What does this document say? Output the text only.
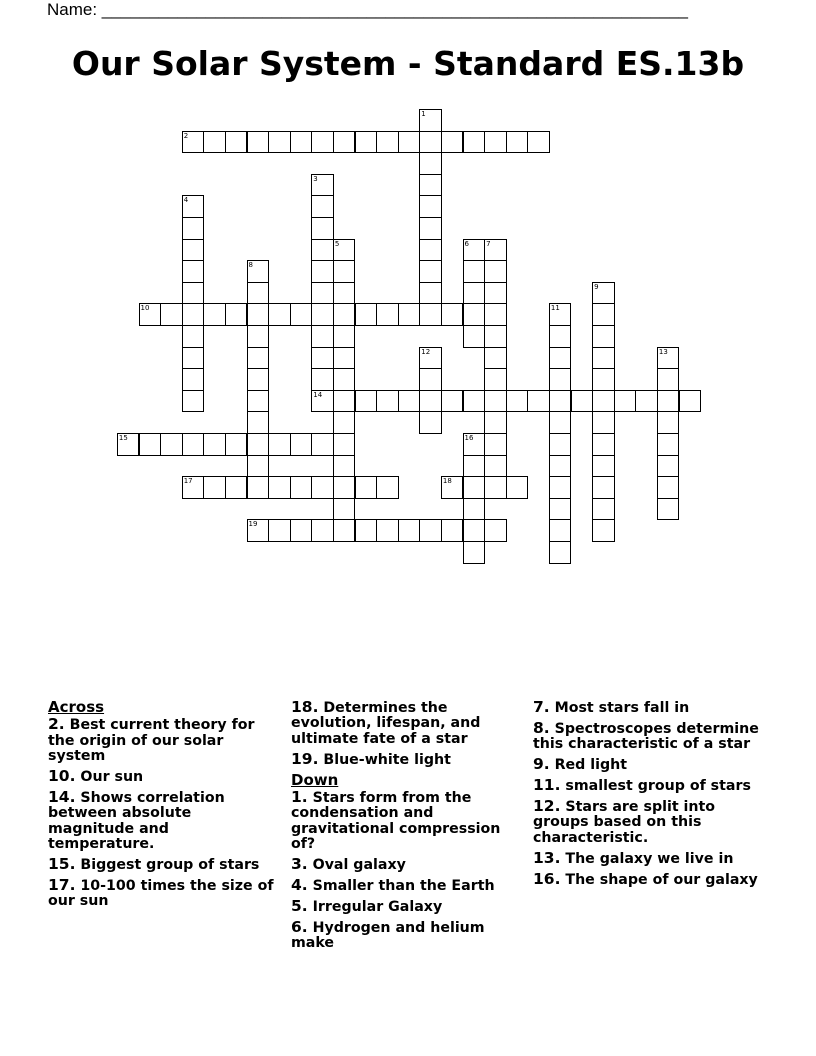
Name: ______________________________________________________________
Our Solar System - Standard ES.13b
1
2
3
4
5	6 7
8
9
10	11
12	13
14
15	16
17	18
19
Across
2. Best current theory for the origin of our solar system
10. Our sun
14. Shows correlation between absolute magnitude and temperature.
15. Biggest group of stars
17. 10-100 times the size of our sun
18. Determines the evolution, lifespan, and ultimate fate of a star
19. Blue-white light
Down
1. Stars form from the condensation and gravitational compression of?
3. Oval galaxy
4. Smaller than the Earth
5. Irregular Galaxy
6. Hydrogen and helium make
7. Most stars fall in
8. Spectroscopes determine this characteristic of a star
9. Red light
11. smallest group of stars
12. Stars are split into groups based on this characteristic.
13. The galaxy we live in
16. The shape of our galaxy
